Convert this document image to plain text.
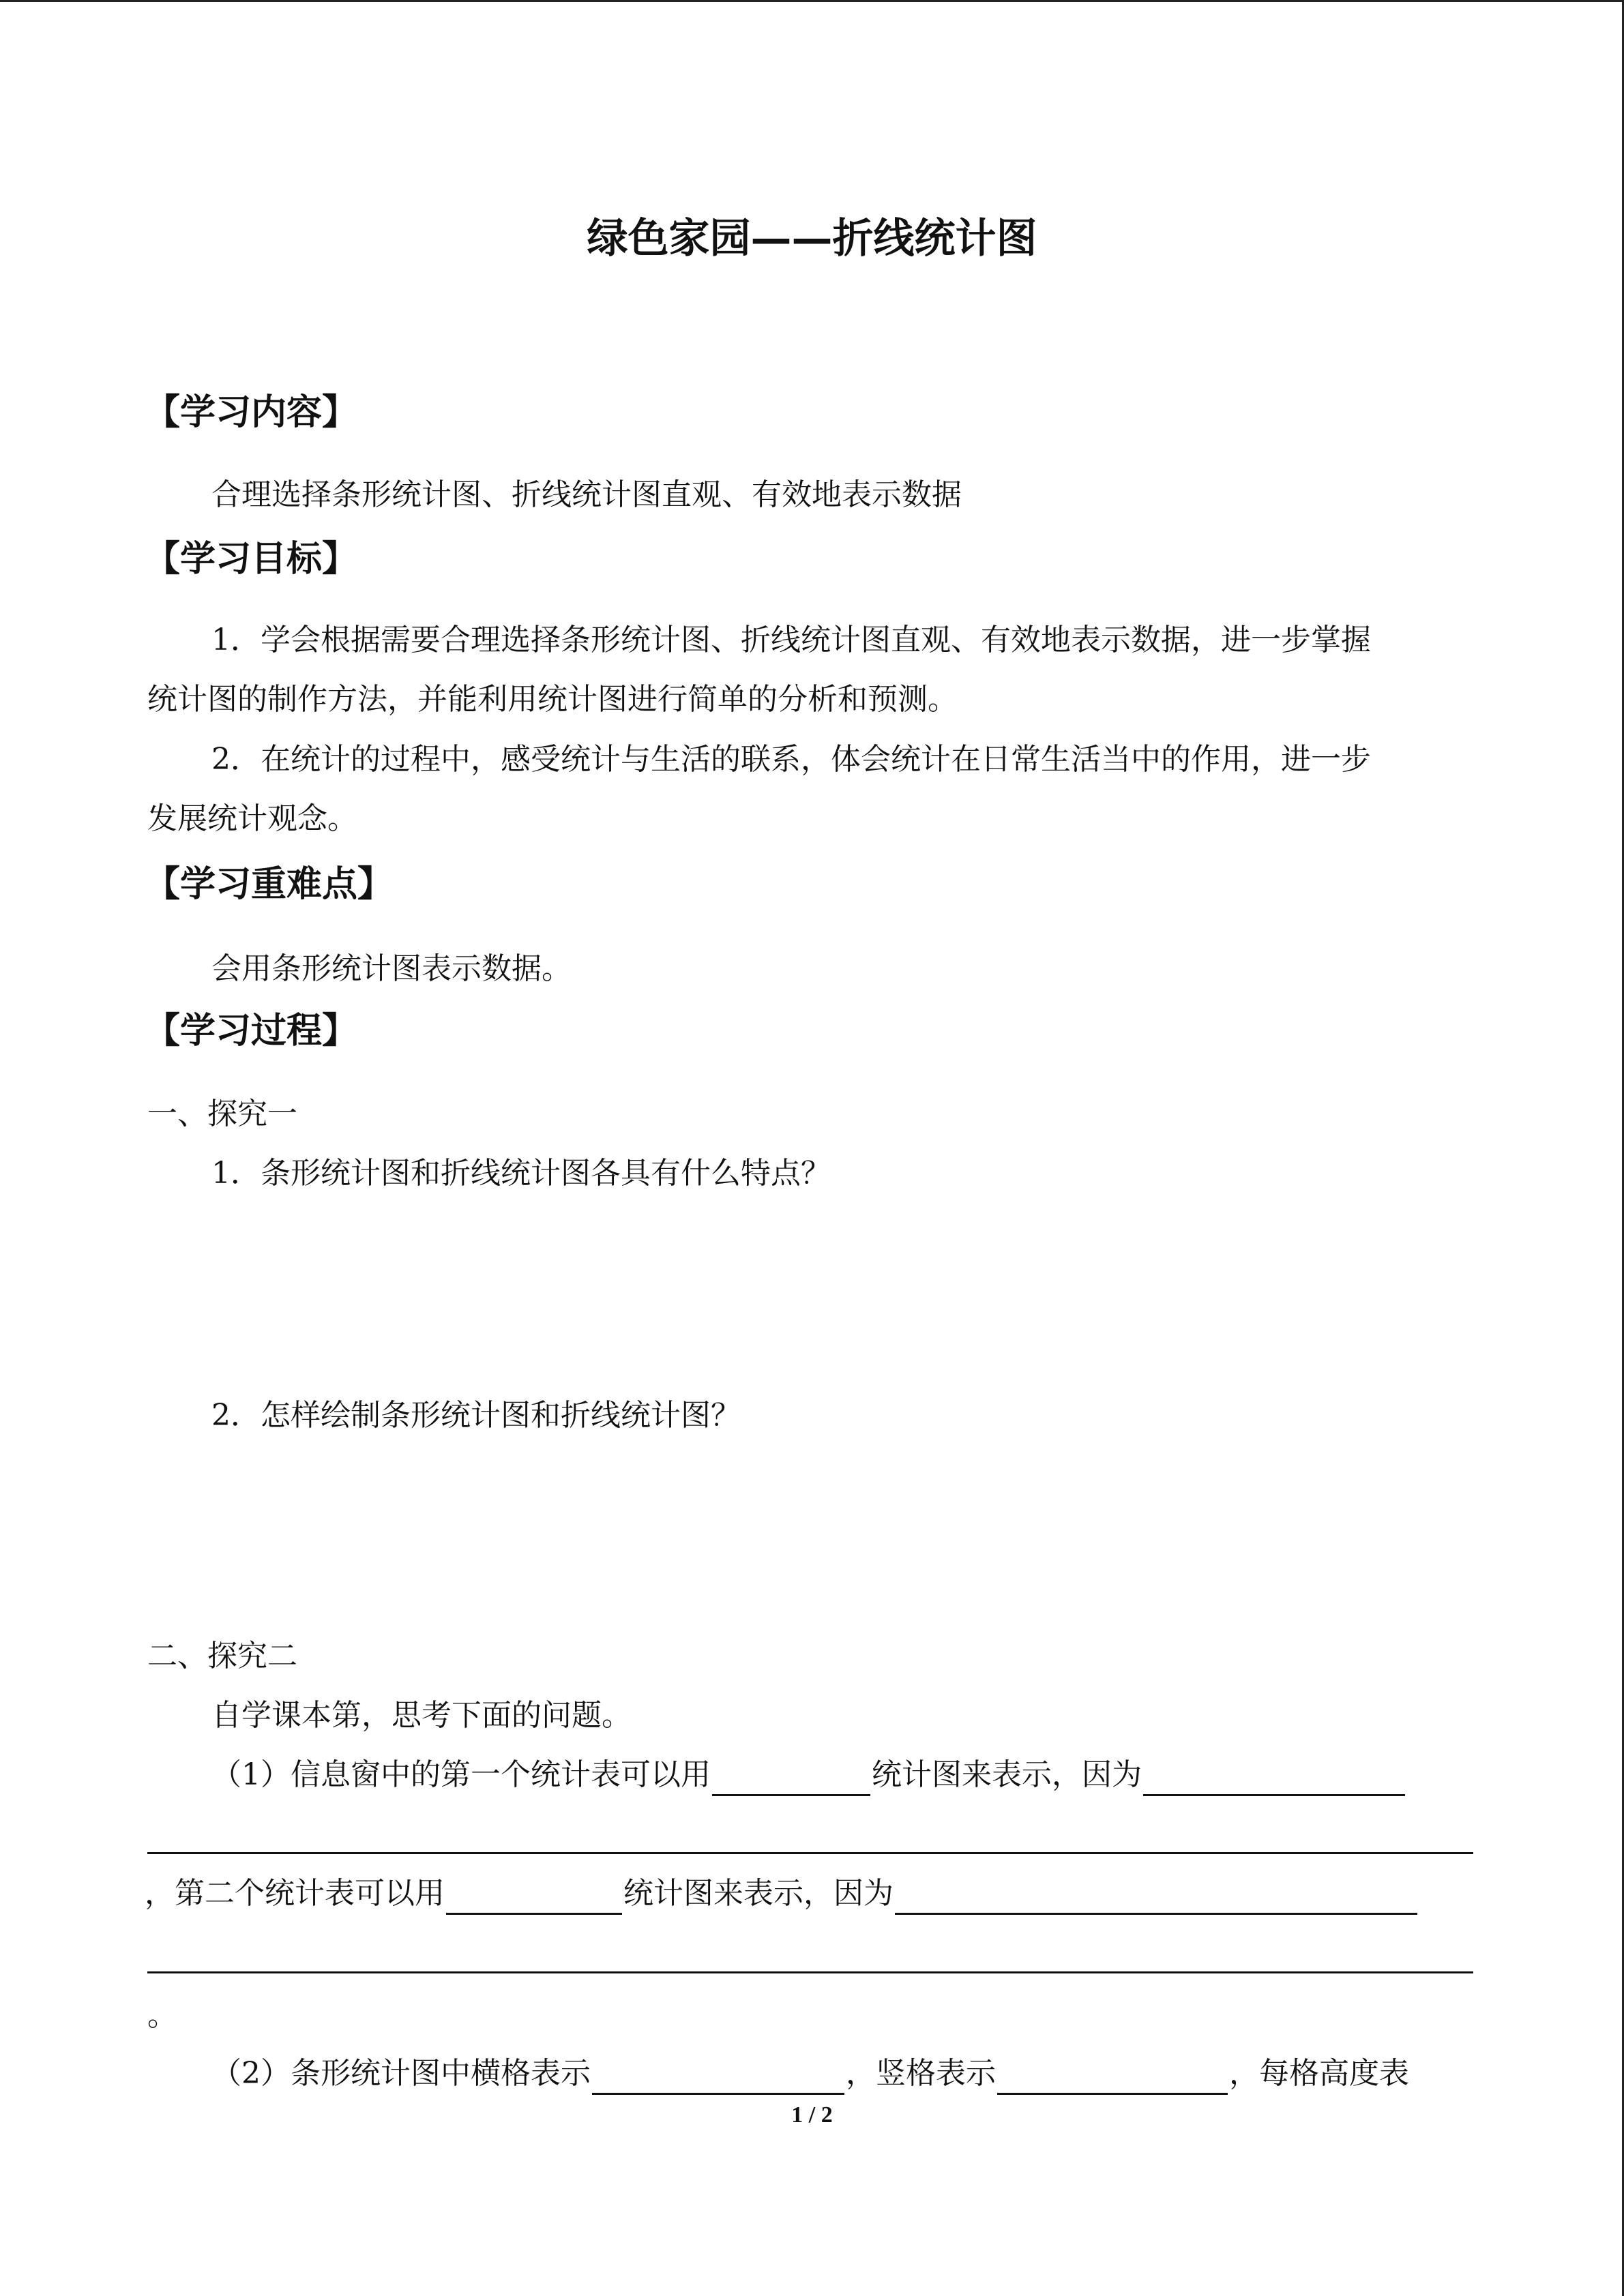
绿色家园——折线统计图
【学习内容】
合理选择条形统计图、折线统计图直观、有效地表示数据
【学习目标】
1．学会根据需要合理选择条形统计图、折线统计图直观、有效地表示数据，进一步掌握
统计图的制作方法，并能利用统计图进行简单的分析和预测。
2．在统计的过程中，感受统计与生活的联系，体会统计在日常生活当中的作用，进一步
发展统计观念。
【学习重难点】
会用条形统计图表示数据。
【学习过程】
一、探究一
1．条形统计图和折线统计图各具有什么特点？
2．怎样绘制条形统计图和折线统计图？
二、探究二
自学课本第，思考下面的问题。
（1）信息窗中的第一个统计表可以用	统计图来表示，因为
，第二个统计表可以用	统计图来表示，因为
。
（2）条形统计图中横格表示	，竖格表示	，每格高度表
1 / 2
